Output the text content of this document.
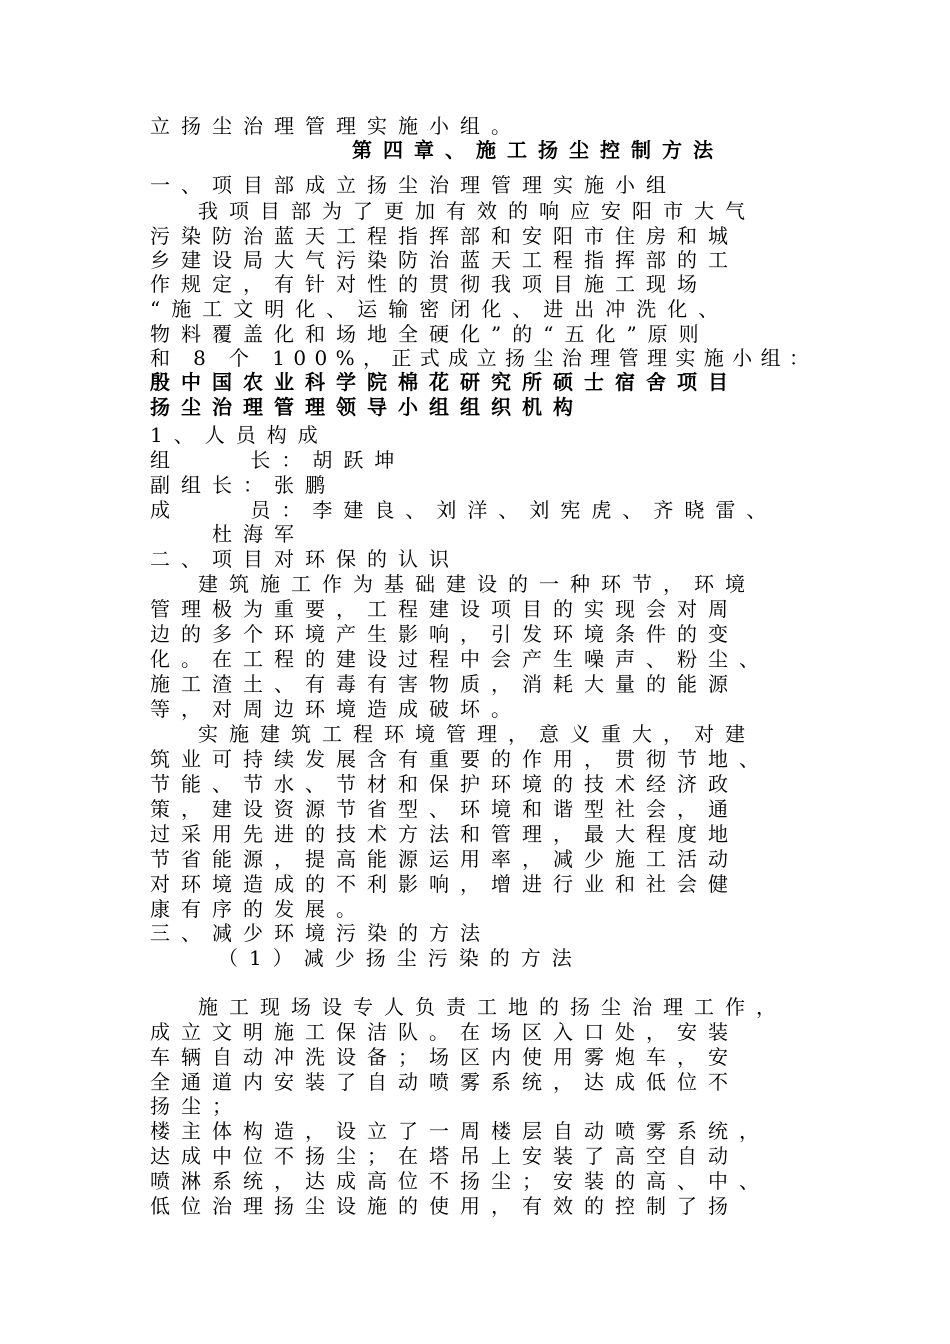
立扬尘治理管理实施小组。
第四章、施工扬尘控制方法
一、项目部成立扬尘治理管理实施小组
我项目部为了更加有效的响应安阳市大气
污染防治蓝天工程指挥部和安阳市住房和城
乡建设局大气污染防治蓝天工程指挥部的工
作规定，有针对性的贯彻我项目施工现场
“施工文明化、运输密闭化、进出冲洗化、
物料覆盖化和场地全硬化”的“五化”原则
和 8 个 100%，正式成立扬尘治理管理实施小组：
殷中国农业科学院棉花研究所硕士宿舍项目
扬尘治理管理领导小组组织机构
1、人员构成
组    长：胡跃坤
副组长：张鹏
成    员：李建良、刘洋、刘宪虎、齐晓雷、
杜海军
二、项目对环保的认识
建筑施工作为基础建设的一种环节，环境
管理极为重要，工程建设项目的实现会对周
边的多个环境产生影响，引发环境条件的变
化。在工程的建设过程中会产生噪声、粉尘、
施工渣土、有毒有害物质，消耗大量的能源
等，对周边环境造成破坏。
实施建筑工程环境管理，意义重大，对建
筑业可持续发展含有重要的作用，贯彻节地、
节能、节水、节材和保护环境的技术经济政
策，建设资源节省型、环境和谐型社会，通
过采用先进的技术方法和管理，最大程度地
节省能源，提高能源运用率，减少施工活动
对环境造成的不利影响，增进行业和社会健
康有序的发展。
三、减少环境污染的方法
（1）减少扬尘污染的方法
施工现场设专人负责工地的扬尘治理工作，
成立文明施工保洁队。在场区入口处，安装
车辆自动冲洗设备；场区内使用雾炮车，安
全通道内安装了自动喷雾系统，达成低位不
扬尘；
楼主体构造，设立了一周楼层自动喷雾系统，
达成中位不扬尘；在塔吊上安装了高空自动
喷淋系统，达成高位不扬尘；安装的高、中、
低位治理扬尘设施的使用，有效的控制了扬
